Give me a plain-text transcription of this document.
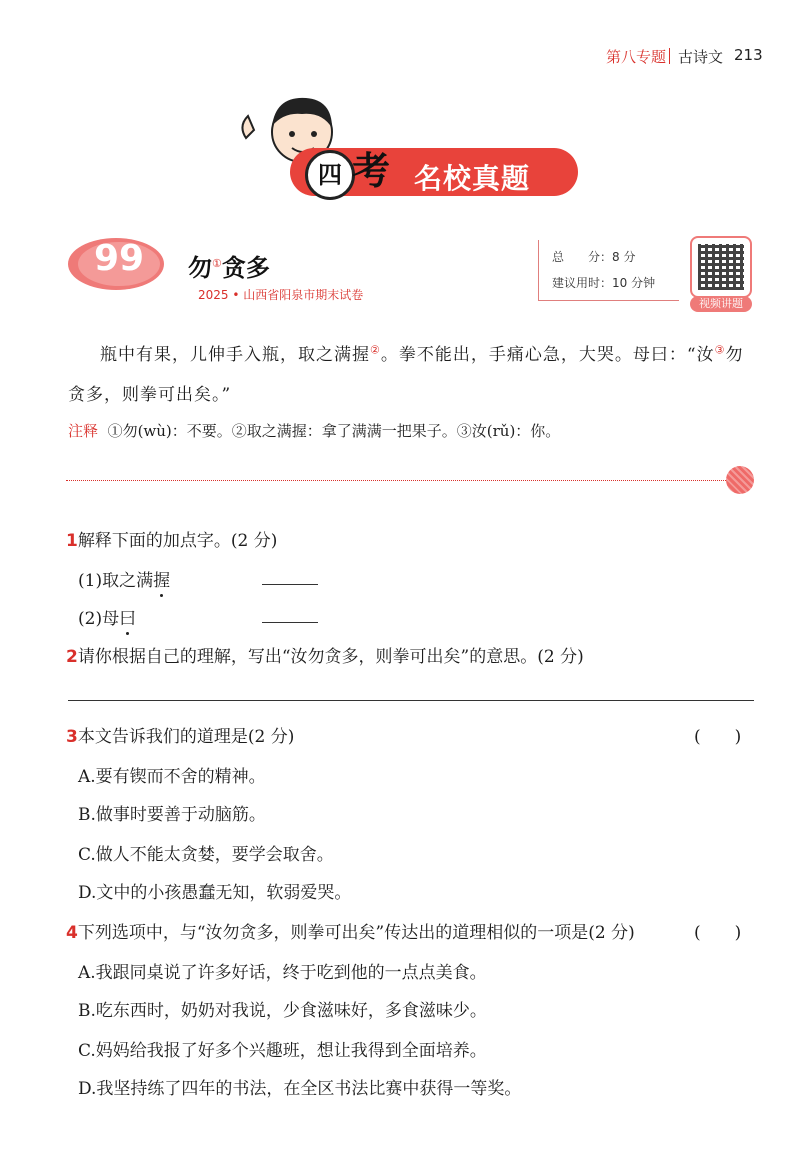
第八专题 古诗文 213
四 考 名校真题
99	勿①贪多
2025 • 山西省阳泉市期末试卷
总　　分：8 分
建议用时：10 分钟
视频讲题
瓶中有果，儿伸手入瓶，取之满握②。拳不能出，手痛心急，大哭。母曰：“汝③勿
贪多，则拳可出矣。”
注释 ①勿(wù)：不要。②取之满握：拿了满满一把果子。③汝(rǔ)：你。
1解释下面的加点字。(2 分)
(1)取之满握
(2)母曰
2请你根据自己的理解，写出“汝勿贪多，则拳可出矣”的意思。(2 分)
3本文告诉我们的道理是(2 分)	(　　)
A.要有锲而不舍的精神。
B.做事时要善于动脑筋。
C.做人不能太贪婪，要学会取舍。
D.文中的小孩愚蠢无知，软弱爱哭。
4下列选项中，与“汝勿贪多，则拳可出矣”传达出的道理相似的一项是(2 分)	(　　)
A.我跟同桌说了许多好话，终于吃到他的一点点美食。
B.吃东西时，奶奶对我说，少食滋味好，多食滋味少。
C.妈妈给我报了好多个兴趣班，想让我得到全面培养。
D.我坚持练了四年的书法，在全区书法比赛中获得一等奖。
